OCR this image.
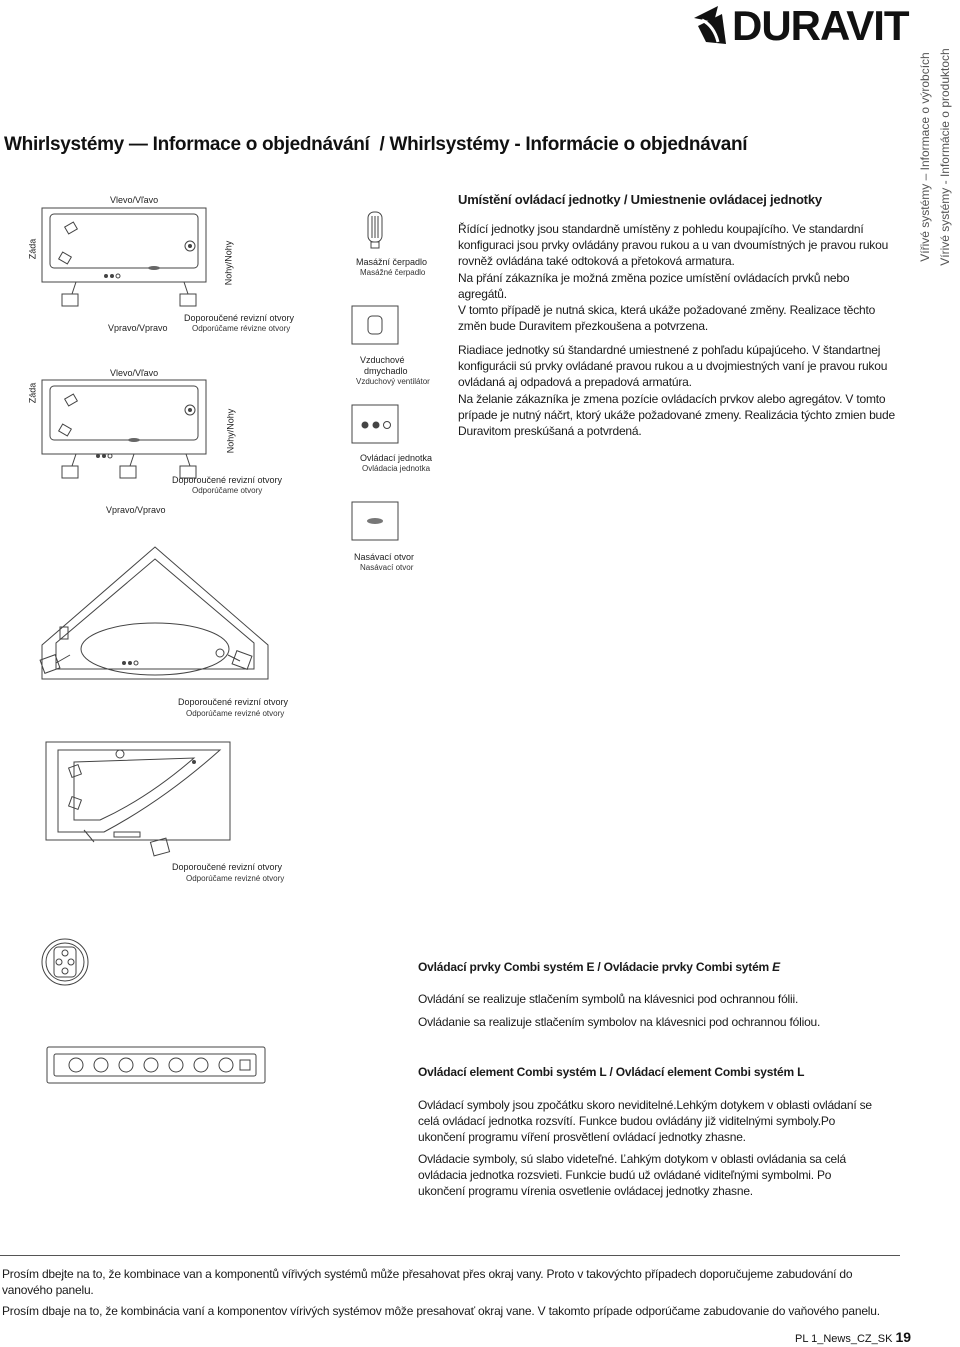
DURAVIT
Vířivé systémy – Informace o výrobcích Vírivé systémy - Informácie o produktoch
Whirlsystémy — Informace o objednávání  / Whirlsystémy - Informácie o objednávaní
Vlevo/Vľavo
Záda	Nohy/Nohy
Vpravo/Vpravo
Doporoučené revizní otvory
Odporúčame révizne otvory
Vlevo/Vľavo
Záda
Nohy/Nohy
Doporoučené revizní otvory
Odporúčame otvory
Vpravo/Vpravo
Masážní čerpadlo
Masážné čerpadlo
Vzduchové
dmychadlo
Vzduchový ventilátor
Ovládací jednotka
Ovládacia jednotka
Nasávací otvor
Nasávací otvor
Doporoučené revizní otvory
Odporúčame revizné otvory
Doporoučené revizní otvory
Odporúčame revizné otvory
Umístění ovládací jednotky / Umiestnenie ovládacej jednotky
Řídící jednotky jsou standardně umístěny z pohledu koupajícího. Ve standardní
konfiguraci jsou prvky ovládány pravou rukou a u van dvoumístných je pravou rukou
rovněž ovládána také odtoková a přetoková armatura.
Na přání zákazníka je možná změna pozice umístění ovládacích prvků nebo agregátů.
V tomto případě je nutná skica, která ukáže požadované změny. Realizace těchto
změn bude Duravitem přezkoušena a potvrzena.
Riadiace jednotky sú štandardné umiestnené z pohľadu kúpajúceho. V štandartnej
konfigurácii sú prvky ovládané pravou rukou a u dvojmiestných vaní je pravou rukou
ovládaná aj odpadová a prepadová armatúra.
Na želanie zákazníka je zmena pozície ovládacích prvkov alebo agregátov. V tomto
prípade je nutný náčrt, ktorý ukáže požadované zmeny. Realizácia týchto zmien bude
Duravitom preskúšaná a potvrdená.
Ovládací prvky Combi systém E / Ovládacie prvky Combi sytém E
Ovládání se realizuje stlačením symbolů na klávesnici pod ochrannou fólii.
Ovládanie sa realizuje stlačením symbolov na klávesnici pod ochrannou fóliou.
Ovládací element Combi systém L / Ovládací element Combi systém L
Ovládací symboly jsou zpočátku skoro neviditelné.Lehkým dotykem v oblasti ovládaní se
celá ovládací jednotka rozsvítí. Funkce budou ovládány již viditelnými symboly.Po
ukončení programu víření prosvětlení ovládací jednotky zhasne.
Ovládacie symboly, sú slabo videteľné. Ľahkým dotykom v oblasti ovládania sa celá
ovládacia jednotka rozsvieti. Funkcie budú už ovládané viditeľnými symbolmi. Po
ukončení programu vírenia osvetlenie ovládacej jednotky zhasne.
Prosím dbejte na to, že kombinace van a komponentů vířivých systémů může přesahovat přes okraj vany. Proto v takovýchto případech doporučujeme zabudování do
vanového panelu.
Prosím dbaje na to, že kombinácia vaní a komponentov vírivých systémov môže presahovať okraj vane. V takomto prípade odporúčame zabudovanie do vaňového panelu.
PL 1_News_CZ_SK 19
